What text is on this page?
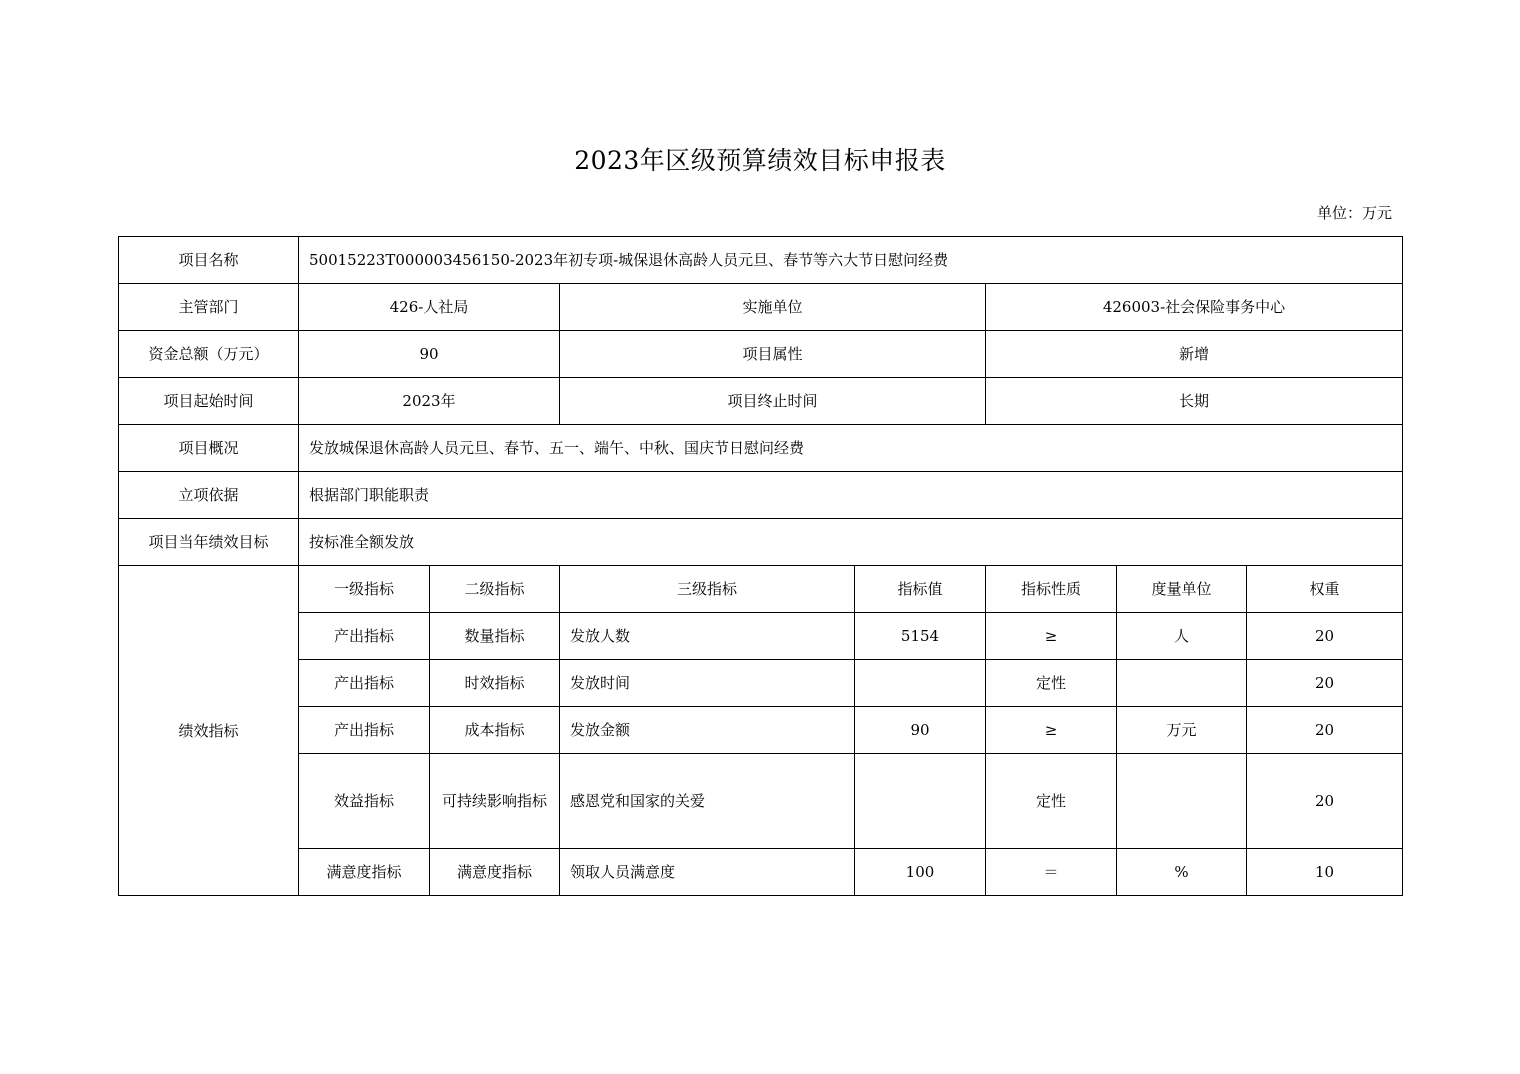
2023年区级预算绩效目标申报表
单位：万元
项目名称	50015223T000003456150-2023年初专项-城保退休高龄人员元旦、春节等六大节日慰问经费						
主管部门	426-人社局		实施单位		426003-社会保险事务中心		
资金总额（万元）	90		项目属性		新增		
项目起始时间	2023年		项目终止时间		长期		
项目概况	发放城保退休高龄人员元旦、春节、五一、端午、中秋、国庆节日慰问经费						
立项依据	根据部门职能职责						
项目当年绩效目标	按标准全额发放						
绩效指标	一级指标	二级指标	三级指标	指标值	指标性质	度量单位	权重
	产出指标	数量指标	发放人数	5154	≥	人	20
	产出指标	时效指标	发放时间		定性		20
	产出指标	成本指标	发放金额	90	≥	万元	20
	效益指标	可持续影响指标	感恩党和国家的关爱		定性		20
	满意度指标	满意度指标	领取人员满意度	100	＝	%	10
